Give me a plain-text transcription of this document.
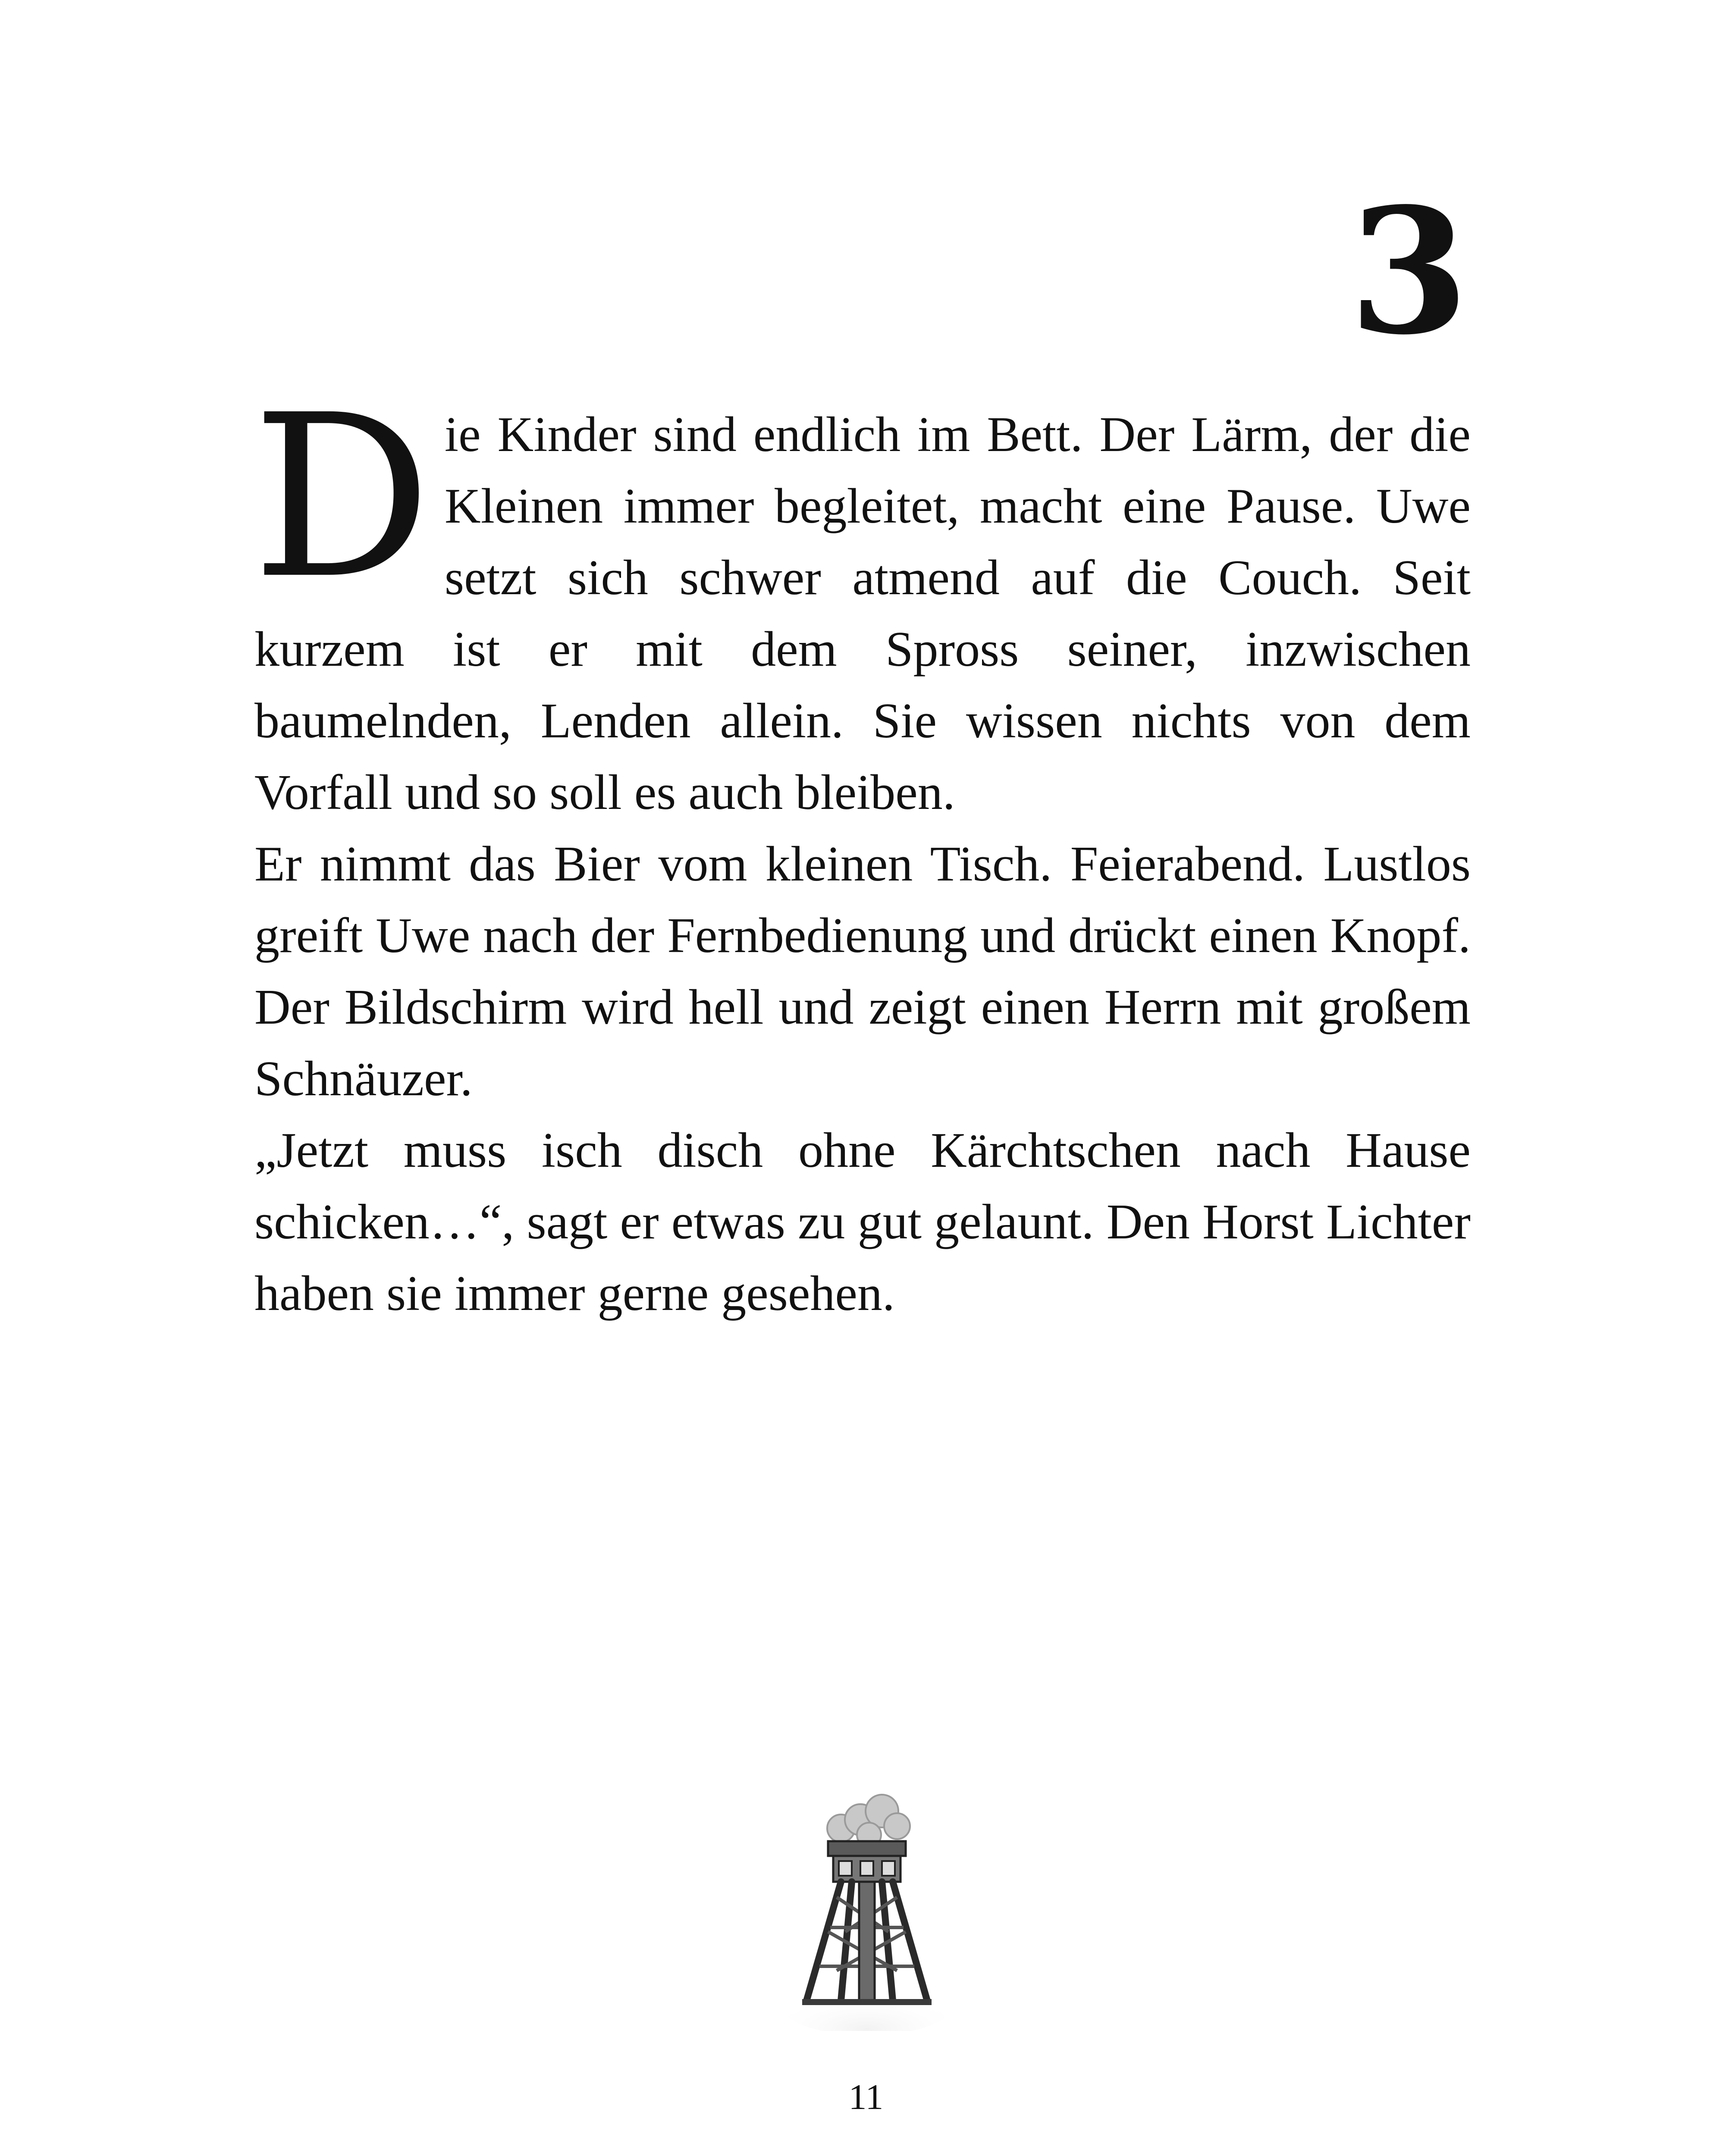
3
D ie Kinder sind endlich im Bett. Der Lärm, der die Kleinen immer begleitet, macht eine Pause. Uwe setzt sich schwer atmend auf die Couch. Seit kurzem ist er mit dem Spross seiner, inzwischen baumelnden, Lenden allein. Sie wissen nichts von dem Vorfall und so soll es auch bleiben.

Er nimmt das Bier vom kleinen Tisch. Feierabend. Lustlos greift Uwe nach der Fernbedienung und drückt einen Knopf. Der Bildschirm wird hell und zeigt einen Herrn mit großem Schnäuzer.

„Jetzt muss isch disch ohne Kärchtschen nach Hause schicken…“, sagt er etwas zu gut gelaunt. Den Horst Lichter haben sie immer gerne gesehen.

11
